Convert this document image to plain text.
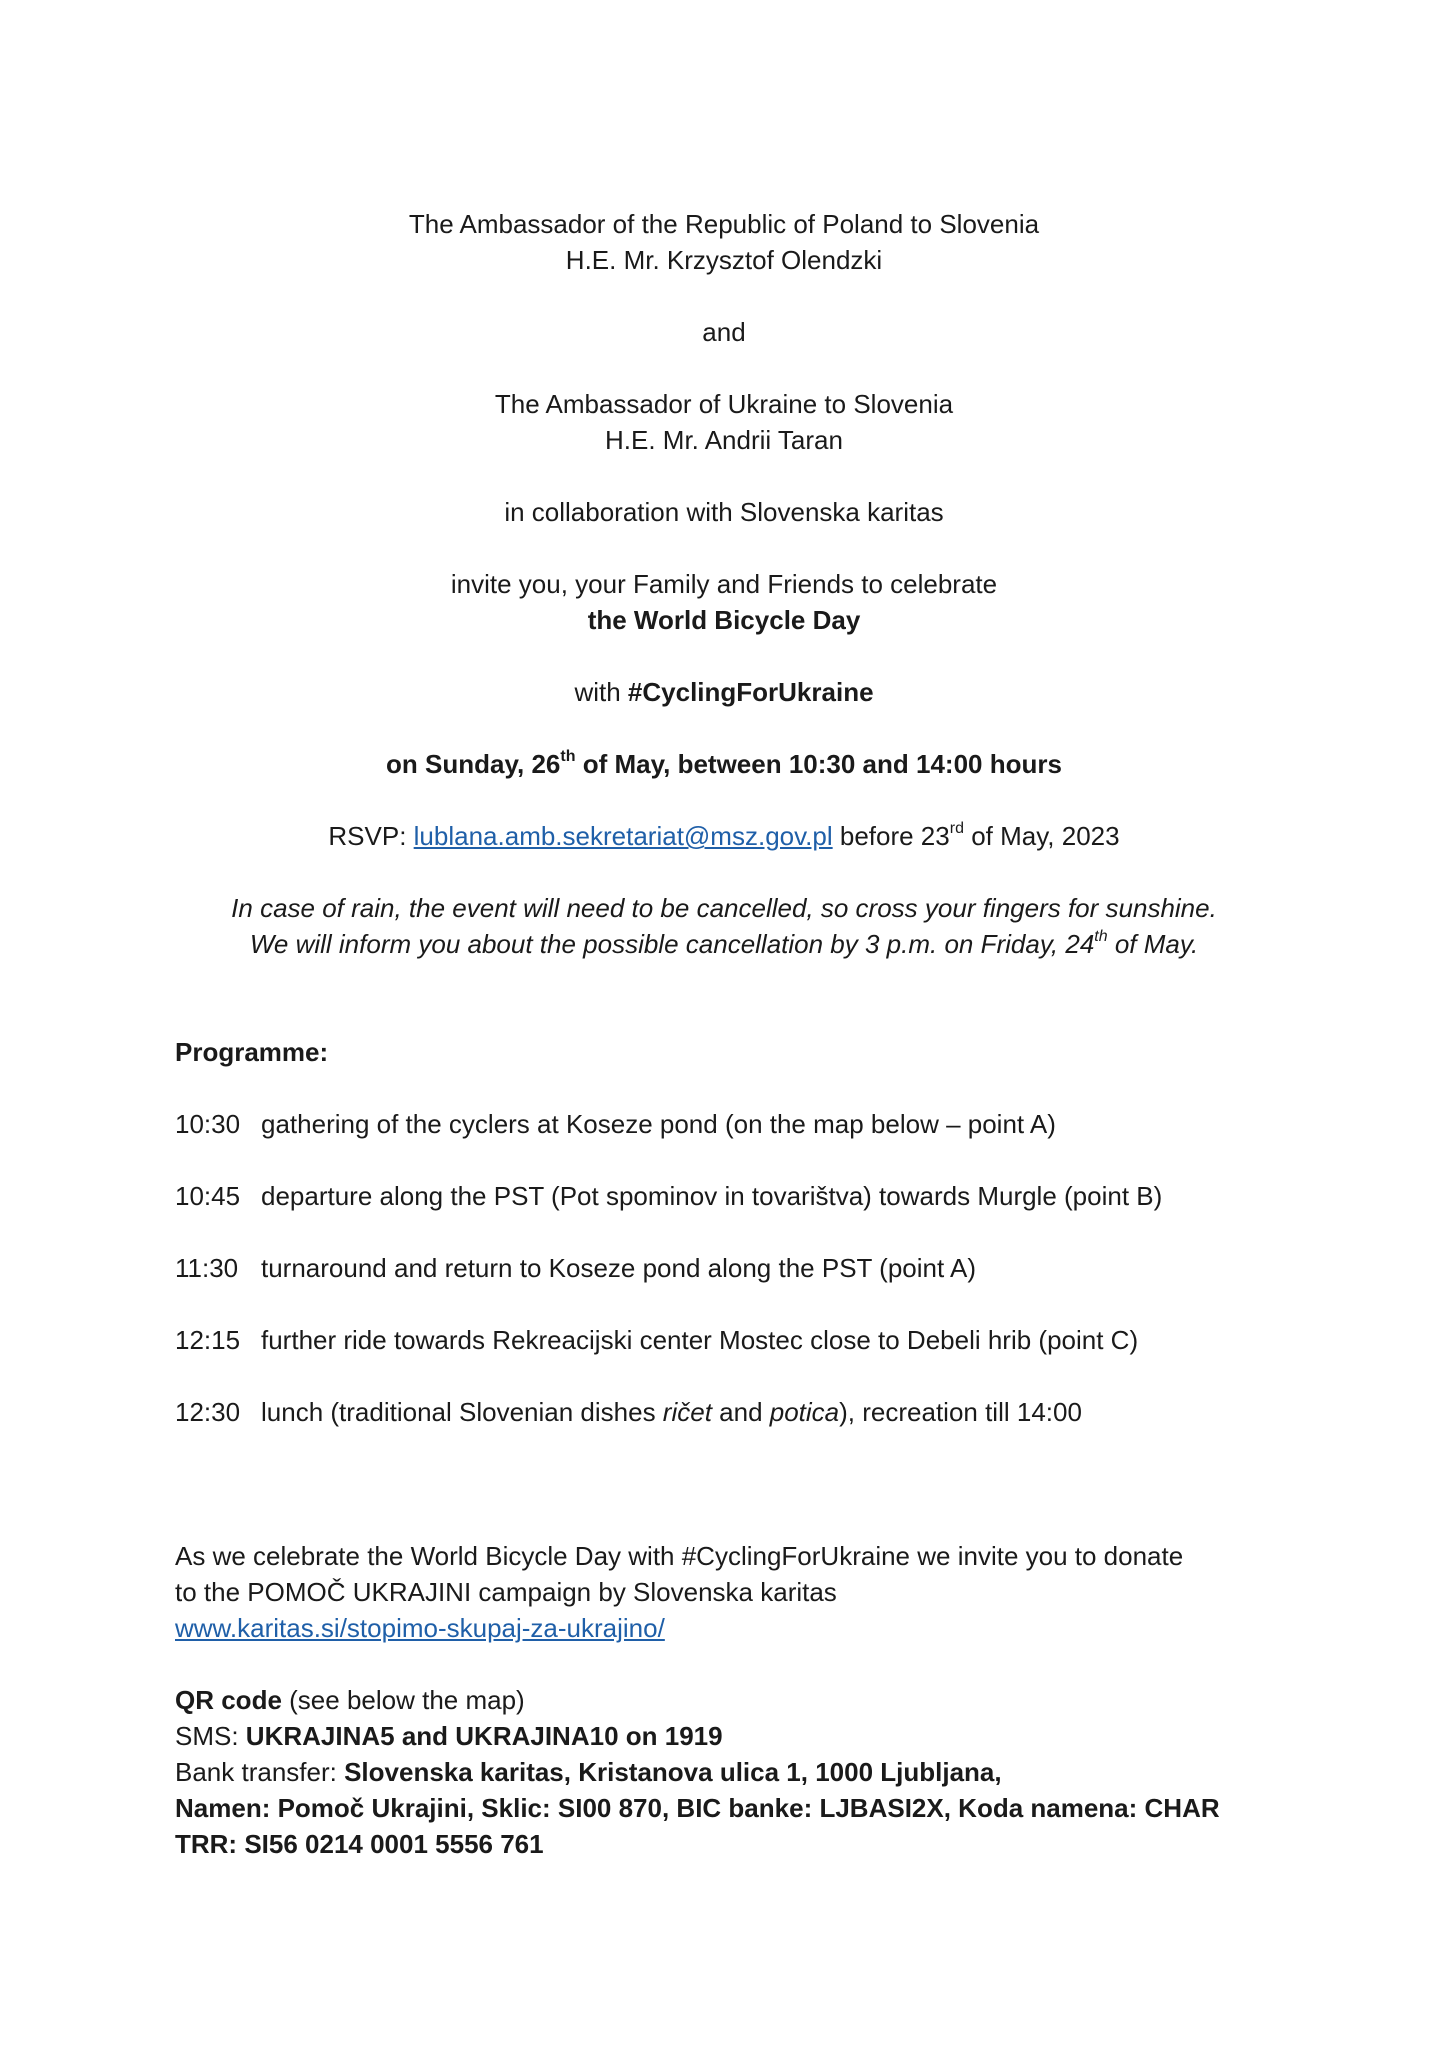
The Ambassador of the Republic of Poland to Slovenia
H.E. Mr. Krzysztof Olendzki
and
The Ambassador of Ukraine to Slovenia
H.E. Mr. Andrii Taran
in collaboration with Slovenska karitas
invite you, your Family and Friends to celebrate
the World Bicycle Day
with #CyclingForUkraine
on Sunday, 26th of May, between 10:30 and 14:00 hours
RSVP: lublana.amb.sekretariat@msz.gov.pl before 23rd of May, 2023
In case of rain, the event will need to be cancelled, so cross your fingers for sunshine.
We will inform you about the possible cancellation by 3 p.m. on Friday, 24th of May.
Programme:
10:30 gathering of the cyclers at Koseze pond (on the map below – point A)
10:45 departure along the PST (Pot spominov in tovarištva) towards Murgle (point B)
11:30 turnaround and return to Koseze pond along the PST (point A)
12:15 further ride towards Rekreacijski center Mostec close to Debeli hrib (point C)
12:30 lunch (traditional Slovenian dishes ričet and potica), recreation till 14:00
As we celebrate the World Bicycle Day with #CyclingForUkraine we invite you to donate
to the POMOČ UKRAJINI campaign by Slovenska karitas
www.karitas.si/stopimo-skupaj-za-ukrajino/
QR code (see below the map)
SMS: UKRAJINA5 and UKRAJINA10 on 1919
Bank transfer: Slovenska karitas, Kristanova ulica 1, 1000 Ljubljana,
Namen: Pomoč Ukrajini, Sklic: SI00 870, BIC banke: LJBASI2X, Koda namena: CHAR
TRR: SI56 0214 0001 5556 761
